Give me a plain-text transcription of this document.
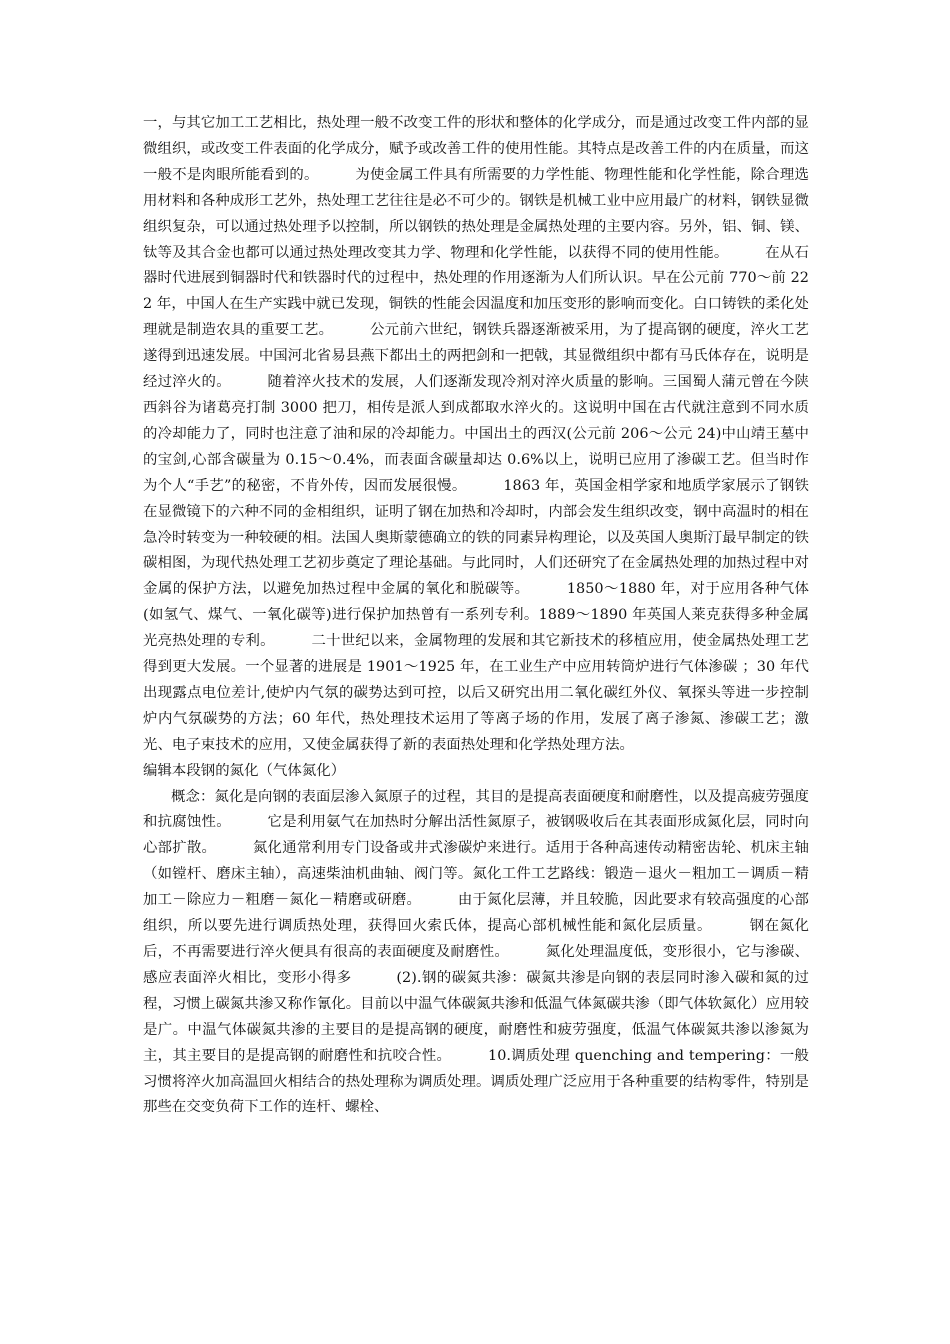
一，与其它加工工艺相比，热处理一般不改变工件的形状和整体的化学成分，而是通过改变工件内部的显微组织，或改变工件表面的化学成分，赋予或改善工件的使用性能。其特点是改善工件的内在质量，而这一般不是肉眼所能看到的。　　　为使金属工件具有所需要的力学性能、物理性能和化学性能，除合理选用材料和各种成形工艺外，热处理工艺往往是必不可少的。钢铁是机械工业中应用最广的材料，钢铁显微组织复杂，可以通过热处理予以控制，所以钢铁的热处理是金属热处理的主要内容。另外，铝、铜、镁、钛等及其合金也都可以通过热处理改变其力学、物理和化学性能，以获得不同的使用性能。　　　在从石器时代进展到铜器时代和铁器时代的过程中，热处理的作用逐渐为人们所认识。早在公元前 770～前 222 年，中国人在生产实践中就已发现，铜铁的性能会因温度和加压变形的影响而变化。白口铸铁的柔化处理就是制造农具的重要工艺。　　　公元前六世纪，钢铁兵器逐渐被采用，为了提高钢的硬度，淬火工艺遂得到迅速发展。中国河北省易县燕下都出土的两把剑和一把戟，其显微组织中都有马氏体存在，说明是经过淬火的。　　　随着淬火技术的发展，人们逐渐发现冷剂对淬火质量的影响。三国蜀人蒲元曾在今陕西斜谷为诸葛亮打制 3000 把刀，相传是派人到成都取水淬火的。这说明中国在古代就注意到不同水质的冷却能力了，同时也注意了油和尿的冷却能力。中国出土的西汉(公元前 206～公元 24)中山靖王墓中的宝剑,心部含碳量为 0.15～0.4%，而表面含碳量却达 0.6%以上，说明已应用了渗碳工艺。但当时作为个人“手艺”的秘密，不肯外传，因而发展很慢。　　　1863 年，英国金相学家和地质学家展示了钢铁在显微镜下的六种不同的金相组织，证明了钢在加热和冷却时，内部会发生组织改变，钢中高温时的相在急冷时转变为一种较硬的相。法国人奥斯蒙德确立的铁的同素异构理论，以及英国人奥斯汀最早制定的铁碳相图，为现代热处理工艺初步奠定了理论基础。与此同时，人们还研究了在金属热处理的加热过程中对金属的保护方法，以避免加热过程中金属的氧化和脱碳等。　　　1850～1880 年，对于应用各种气体(如氢气、煤气、一氧化碳等)进行保护加热曾有一系列专利。1889～1890 年英国人莱克获得多种金属光亮热处理的专利。　　　二十世纪以来，金属物理的发展和其它新技术的移植应用，使金属热处理工艺得到更大发展。一个显著的进展是 1901～1925 年，在工业生产中应用转筒炉进行气体渗碳 ；30 年代出现露点电位差计,使炉内气氛的碳势达到可控，以后又研究出用二氧化碳红外仪、氧探头等进一步控制炉内气氛碳势的方法；60 年代，热处理技术运用了等离子场的作用，发展了离子渗氮、渗碳工艺；激光、电子束技术的应用，又使金属获得了新的表面热处理和化学热处理方法。

编辑本段钢的氮化（气体氮化）

概念：氮化是向钢的表面层渗入氮原子的过程，其目的是提高表面硬度和耐磨性，以及提高疲劳强度和抗腐蚀性。　　　它是利用氨气在加热时分解出活性氮原子，被钢吸收后在其表面形成氮化层，同时向心部扩散。　　　氮化通常利用专门设备或井式渗碳炉来进行。适用于各种高速传动精密齿轮、机床主轴（如镗杆、磨床主轴），高速柴油机曲轴、阀门等。氮化工件工艺路线：锻造－退火－粗加工－调质－精加工－除应力－粗磨－氮化－精磨或研磨。　　　由于氮化层薄，并且较脆，因此要求有较高强度的心部组织，所以要先进行调质热处理，获得回火索氏体，提高心部机械性能和氮化层质量。　　　钢在氮化后，不再需要进行淬火便具有很高的表面硬度及耐磨性。　　　氮化处理温度低，变形很小，它与渗碳、感应表面淬火相比，变形小得多　　　(2).钢的碳氮共渗：碳氮共渗是向钢的表层同时渗入碳和氮的过程，习惯上碳氮共渗又称作氰化。目前以中温气体碳氮共渗和低温气体氮碳共渗（即气体软氮化）应用较是广。中温气体碳氮共渗的主要目的是提高钢的硬度，耐磨性和疲劳强度，低温气体碳氮共渗以渗氮为主，其主要目的是提高钢的耐磨性和抗咬合性。　　　10.调质处理 quenching and tempering：一般习惯将淬火加高温回火相结合的热处理称为调质处理。调质处理广泛应用于各种重要的结构零件，特别是那些在交变负荷下工作的连杆、螺栓、
